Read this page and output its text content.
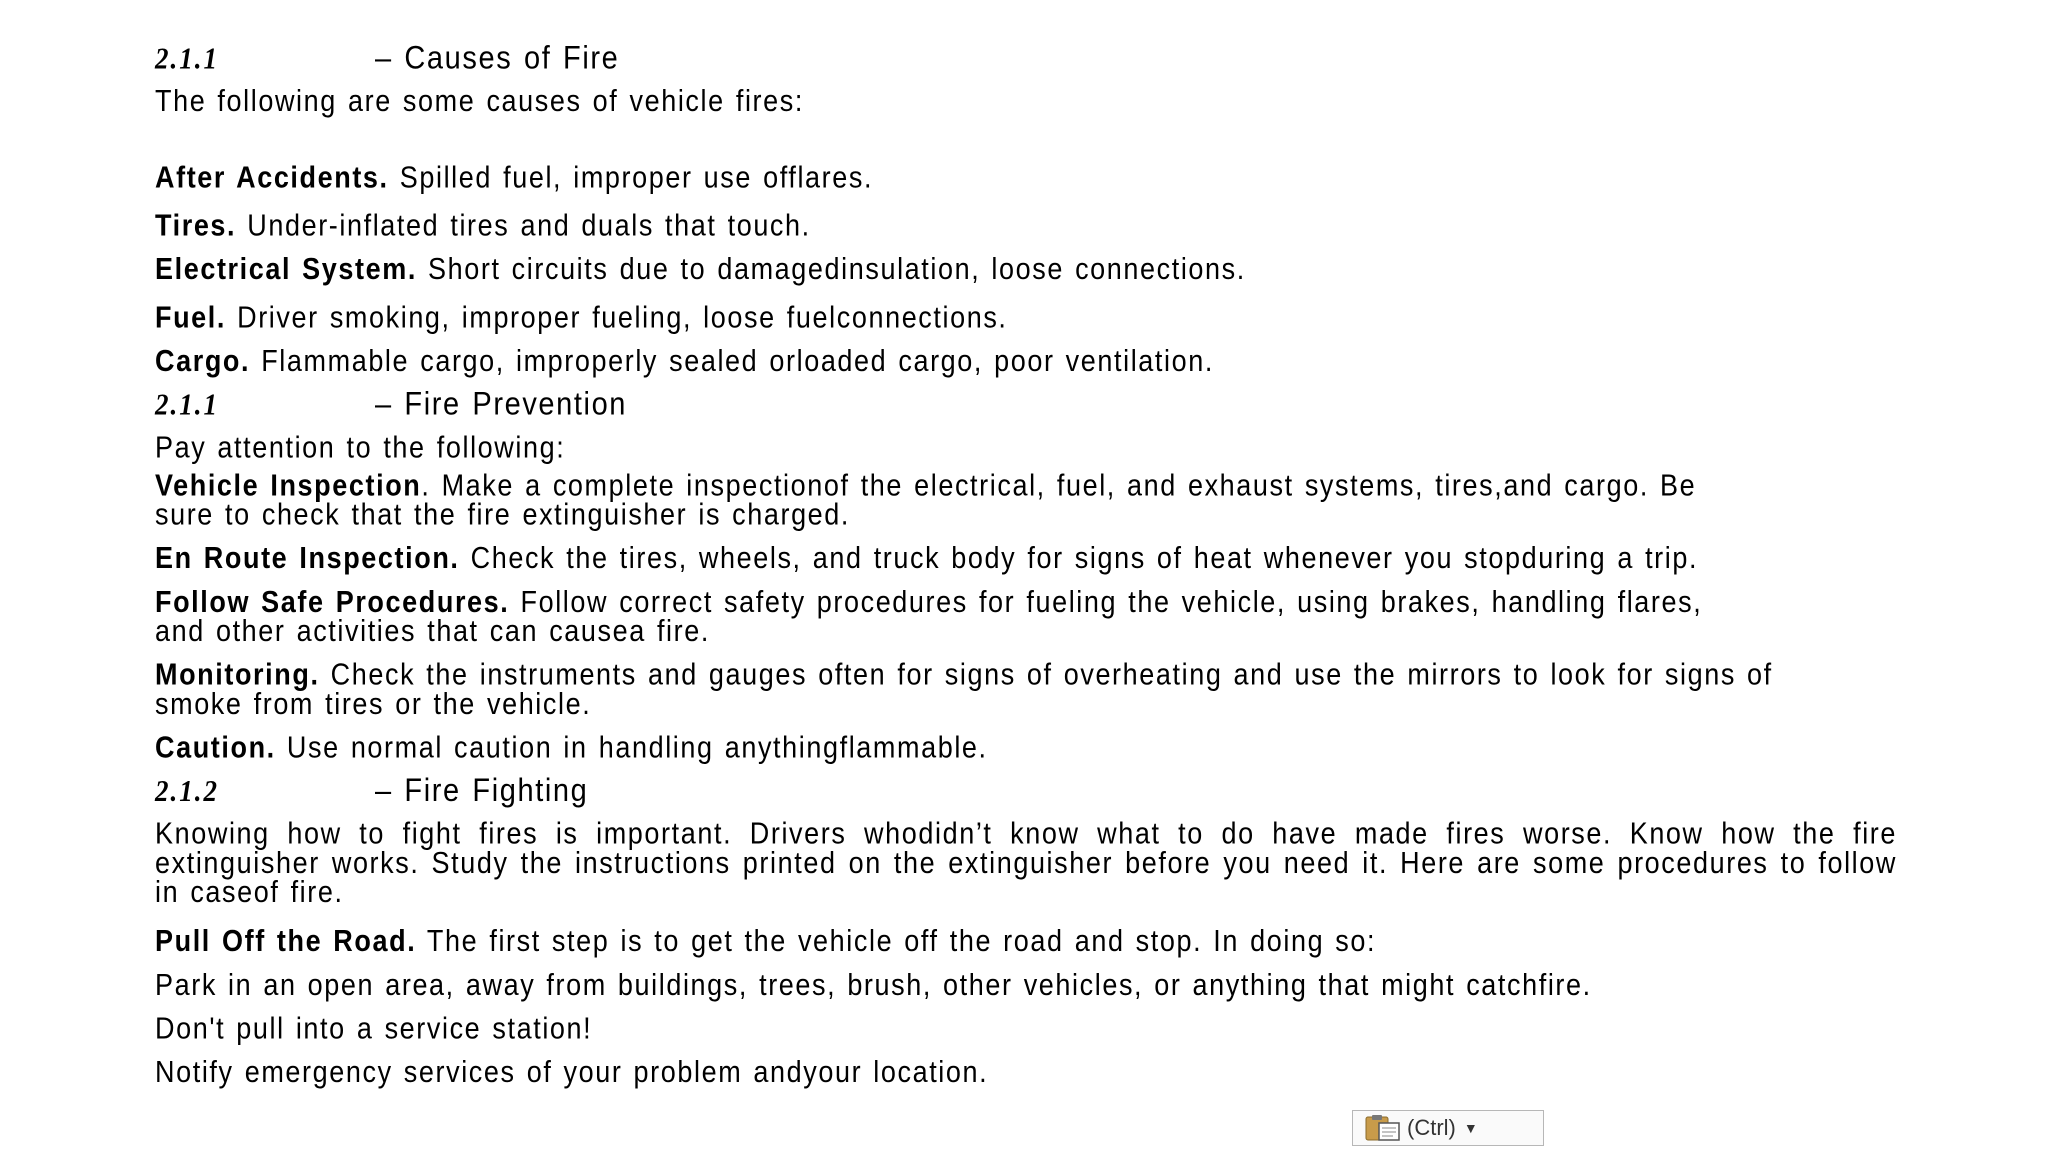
2.1.1	– Causes of Fire

The following are some causes of vehicle fires:

After Accidents. Spilled fuel, improper use offlares.

Tires. Under-inflated tires and duals that touch.

Electrical System. Short circuits due to damagedinsulation, loose connections.

Fuel. Driver smoking, improper fueling, loose fuelconnections.

Cargo. Flammable cargo, improperly sealed orloaded cargo, poor ventilation.

2.1.1	– Fire Prevention

Pay attention to the following:

Vehicle Inspection. Make a complete inspectionof the electrical, fuel, and exhaust systems, tires,and cargo. Be sure to check that the fire extinguisher is charged.

En Route Inspection. Check the tires, wheels, and truck body for signs of heat whenever you stopduring a trip.

Follow Safe Procedures. Follow correct safety procedures for fueling the vehicle, using brakes, handling flares, and other activities that can causea fire.

Monitoring. Check the instruments and gauges often for signs of overheating and use the mirrors to look for signs of smoke from tires or the vehicle.

Caution. Use normal caution in handling anythingflammable.

2.1.2	– Fire Fighting

Knowing how to fight fires is important. Drivers whodidn’t know what to do have made fires worse. Know how the fire extinguisher works. Study the instructions printed on the extinguisher before you need it. Here are some procedures to follow in caseof fire.

Pull Off the Road. The first step is to get the vehicle off the road and stop. In doing so:

Park in an open area, away from buildings, trees, brush, other vehicles, or anything that might catchfire.

Don't pull into a service station!

Notify emergency services of your problem andyour location.

(Ctrl) ▼
